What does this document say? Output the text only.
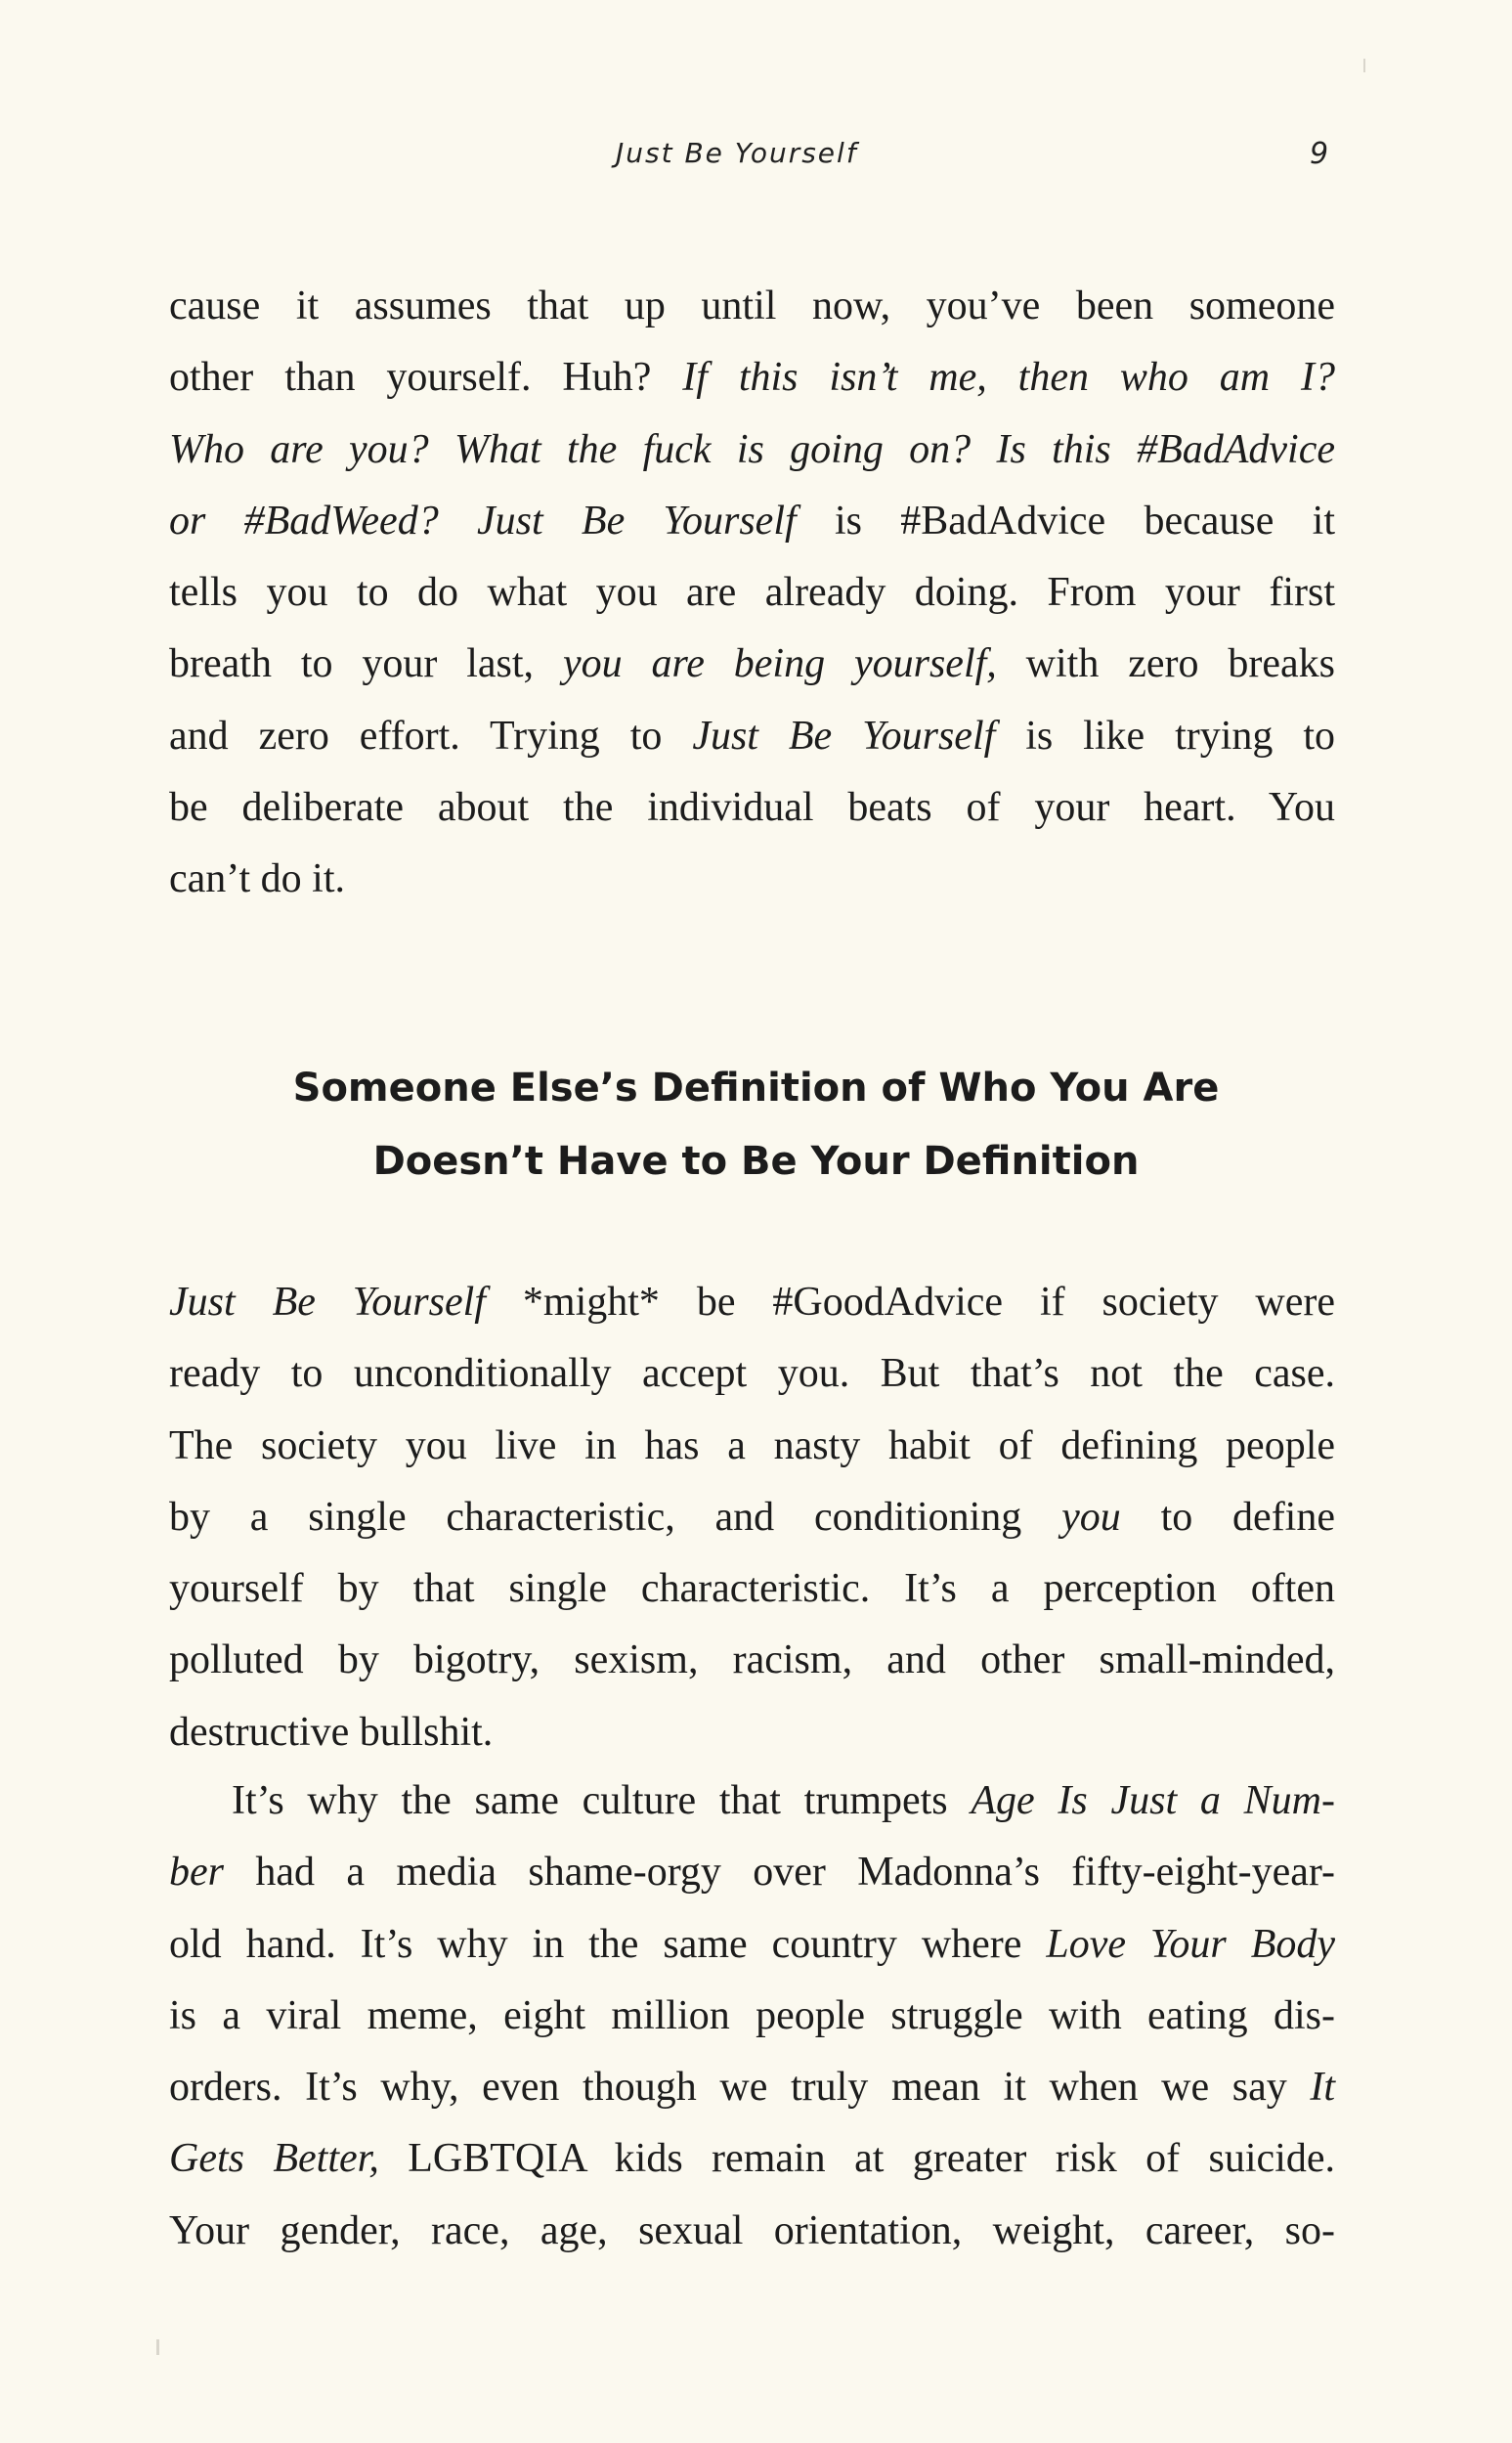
Just Be Yourself	9
cause it assumes that up until now, you’ve been someone
other than yourself. Huh? If this isn’t me, then who am I?
Who are you? What the fuck is going on? Is this #BadAdvice
or #BadWeed? Just Be Yourself is #BadAdvice because it
tells you to do what you are already doing. From your first
breath to your last, you are being yourself, with zero breaks
and zero effort. Trying to Just Be Yourself is like trying to
be deliberate about the individual beats of your heart. You
can’t do it.
Someone Else’s Definition of Who You Are
Doesn’t Have to Be Your Definition
Just Be Yourself *might* be #GoodAdvice if society were
ready to unconditionally accept you. But that’s not the case.
The society you live in has a nasty habit of defining people
by a single characteristic, and conditioning you to define
yourself by that single characteristic. It’s a perception often
polluted by bigotry, sexism, racism, and other small-minded,
destructive bullshit.
It’s why the same culture that trumpets Age Is Just a Num-
ber had a media shame-orgy over Madonna’s fifty-eight-year-
old hand. It’s why in the same country where Love Your Body
is a viral meme, eight million people struggle with eating dis-
orders. It’s why, even though we truly mean it when we say It
Gets Better, LGBTQIA kids remain at greater risk of suicide.
Your gender, race, age, sexual orientation, weight, career, so-
